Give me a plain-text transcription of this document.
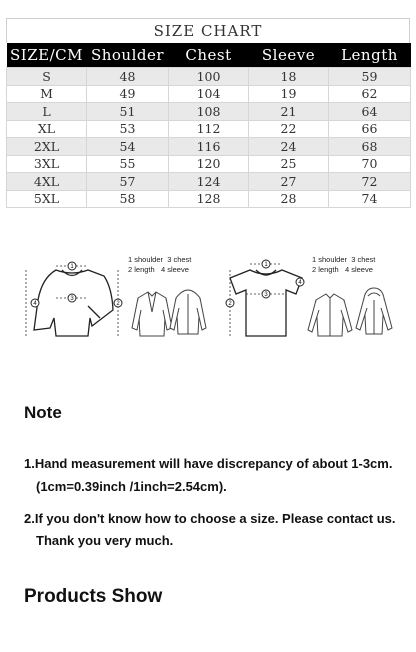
SIZE CHART
SIZE/CM	Shoulder	Chest	Sleeve	Length
S	48	100	18	59
M	49	104	19	62
L	51	108	21	64
XL	53	112	22	66
2XL	54	116	24	68
3XL	55	120	25	70
4XL	57	124	27	72
5XL	58	128	28	74
1
3
4	2
1
3
2
4
1 shoulder 3 chest
2 length 4 sleeve
1 shoulder 3 chest
2 length 4 sleeve
Note
1.Hand measurement will have discrepancy of about 1-3cm.
(1cm=0.39inch /1inch=2.54cm).
2.If you don't know how to choose a size. Please contact us.
Thank you very much.
Products Show
